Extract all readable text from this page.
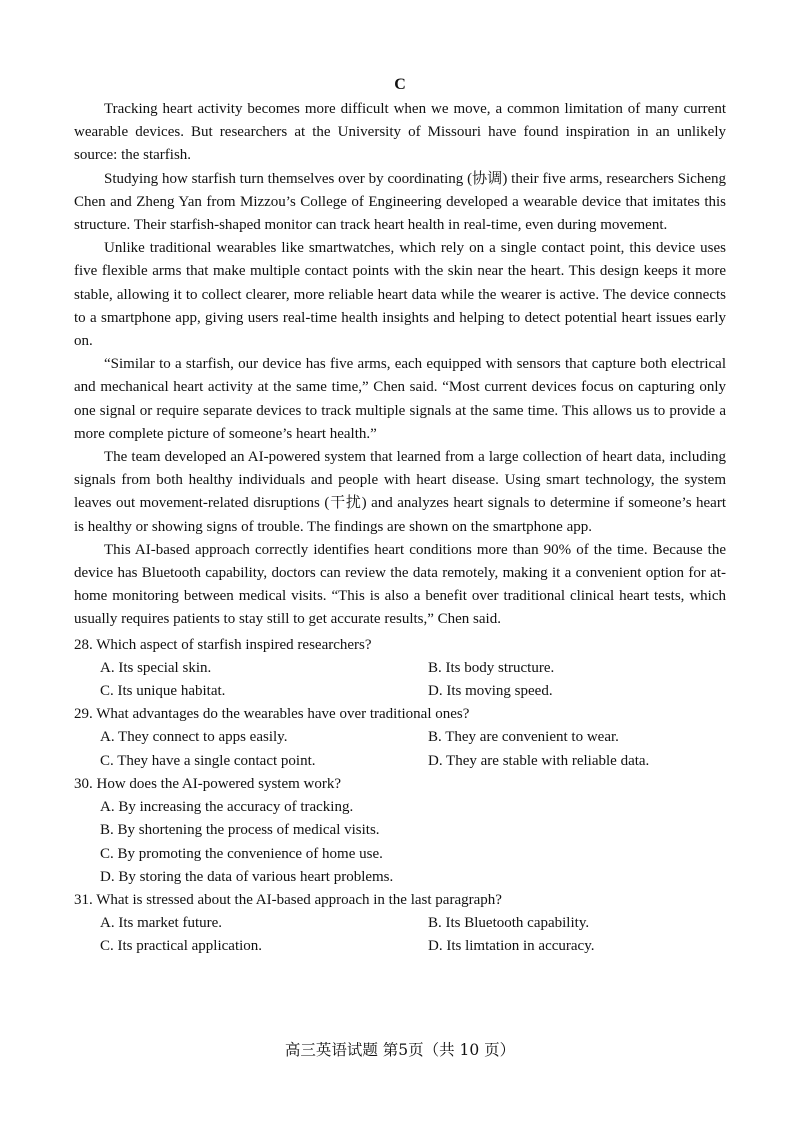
C

Tracking heart activity becomes more difficult when we move, a common limitation of many current wearable devices. But researchers at the University of Missouri have found inspiration in an unlikely source: the starfish.

Studying how starfish turn themselves over by coordinating (协调) their five arms, researchers Sicheng Chen and Zheng Yan from Mizzou’s College of Engineering developed a wearable device that imitates this structure. Their starfish-shaped monitor can track heart health in real-time, even during movement.

Unlike traditional wearables like smartwatches, which rely on a single contact point, this device uses five flexible arms that make multiple contact points with the skin near the heart. This design keeps it more stable, allowing it to collect clearer, more reliable heart data while the wearer is active. The device connects to a smartphone app, giving users real-time health insights and helping to detect potential heart issues early on.

“Similar to a starfish, our device has five arms, each equipped with sensors that capture both electrical and mechanical heart activity at the same time,” Chen said. “Most current devices focus on capturing only one signal or require separate devices to track multiple signals at the same time. This allows us to provide a more complete picture of someone’s heart health.”

The team developed an AI-powered system that learned from a large collection of heart data, including signals from both healthy individuals and people with heart disease. Using smart technology, the system leaves out movement-related disruptions (干扰) and analyzes heart signals to determine if someone’s heart is healthy or showing signs of trouble. The findings are shown on the smartphone app.

This AI-based approach correctly identifies heart conditions more than 90% of the time. Because the device has Bluetooth capability, doctors can review the data remotely, making it a convenient option for at-home monitoring between medical visits. “This is also a benefit over traditional clinical heart tests, which usually requires patients to stay still to get accurate results,” Chen said.

28. Which aspect of starfish inspired researchers?

A. Its special skin.	B. Its body structure.
C. Its unique habitat.	D. Its moving speed.

29. What advantages do the wearables have over traditional ones?

A. They connect to apps easily.	B. They are convenient to wear.
C. They have a single contact point.	D. They are stable with reliable data.

30. How does the AI-powered system work?

A. By increasing the accuracy of tracking.
B. By shortening the process of medical visits.
C. By promoting the convenience of home use.
D. By storing the data of various heart problems.

31. What is stressed about the AI-based approach in the last paragraph?

A. Its market future.	B. Its Bluetooth capability.
C. Its practical application.	D. Its limtation in accuracy.
高三英语试题 第5页（共 10 页）
